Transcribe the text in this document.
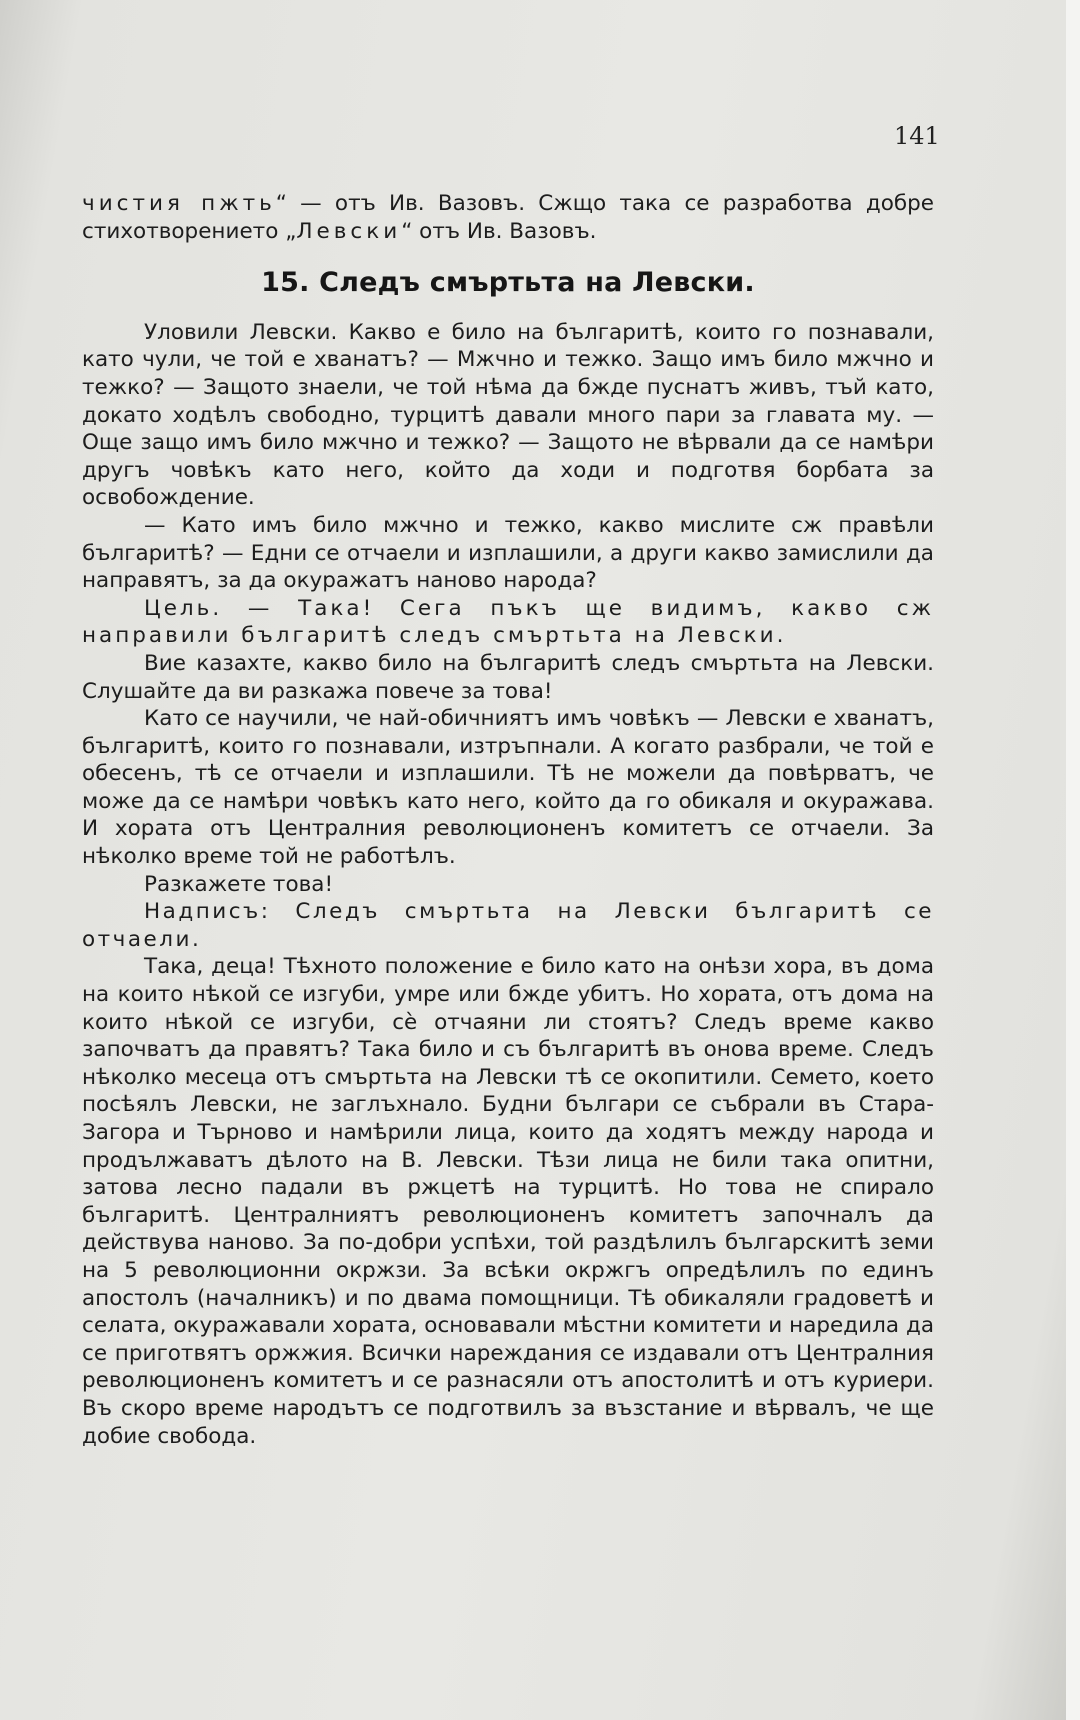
141

чистия пжть“ — отъ Ив. Вазовъ. Сжщо така се разработва добре стихотворението „Левски“ отъ Ив. Вазовъ.

15. Следъ смъртьта на Левски.

Уловили Левски. Какво е било на българитѣ, които го познавали, като чули, че той е хванатъ? — Мжчно и тежко. Защо имъ било мжчно и тежко? — Защото знаели, че той нѣма да бжде пуснатъ живъ, тъй като, докато ходѣлъ свободно, турцитѣ давали много пари за главата му. — Още защо имъ било мжчно и тежко? — Защото не вѣрвали да се намѣри другъ човѣкъ като него, който да ходи и подготвя борбата за освобождение.

— Като имъ било мжчно и тежко, какво мислите сж правѣли българитѣ? — Едни се отчаели и изплашили, а други какво замислили да направятъ, за да окуражатъ наново народа?

Цель. — Така! Сега пъкъ ще видимъ, какво сж направили българитѣ следъ смъртьта на Левски.

Вие казахте, какво било на българитѣ следъ смъртьта на Левски. Слушайте да ви разкажа повече за това!

Като се научили, че най-обичниятъ имъ човѣкъ — Левски е хванатъ, българитѣ, които го познавали, изтръпнали. А когато разбрали, че той е обесенъ, тѣ се отчаели и изплашили. Тѣ не можели да повѣрватъ, че може да се намѣри човѣкъ като него, който да го обикаля и окуражава. И хората отъ Централния революционенъ комитетъ се отчаели. За нѣколко време той не работѣлъ.

Разкажете това!

Надписъ: Следъ смъртьта на Левски българитѣ се отчаели.

Така, деца! Тѣхното положение е било като на онѣзи хора, въ дома на които нѣкой се изгуби, умре или бжде убитъ. Но хората, отъ дома на които нѣкой се изгуби, сѐ отчаяни ли стоятъ? Следъ време какво започватъ да правятъ? Така било и съ българитѣ въ онова време. Следъ нѣколко месеца отъ смъртьта на Левски тѣ се окопитили. Семето, което посѣялъ Левски, не заглъхнало. Будни българи се събрали въ Стара-Загора и Търново и намѣрили лица, които да ходятъ между народа и продължаватъ дѣлото на В. Левски. Тѣзи лица не били така опитни, затова лесно падали въ ржцетѣ на турцитѣ. Но това не спирало българитѣ. Централниятъ революционенъ комитетъ започналъ да действува наново. За по-добри успѣхи, той раздѣлилъ българскитѣ земи на 5 революционни окржзи. За всѣки окржгъ опредѣлилъ по единъ апостолъ (началникъ) и по двама помощници. Тѣ обикаляли градоветѣ и селата, окуражавали хората, основавали мѣстни комитети и наредила да се приготвятъ оржжия. Всички нареждания се издавали отъ Централния революционенъ комитетъ и се разнасяли отъ апостолитѣ и отъ куриери. Въ скоро време народътъ се подготвилъ за възстание и вѣрвалъ, че ще добие свобода.
